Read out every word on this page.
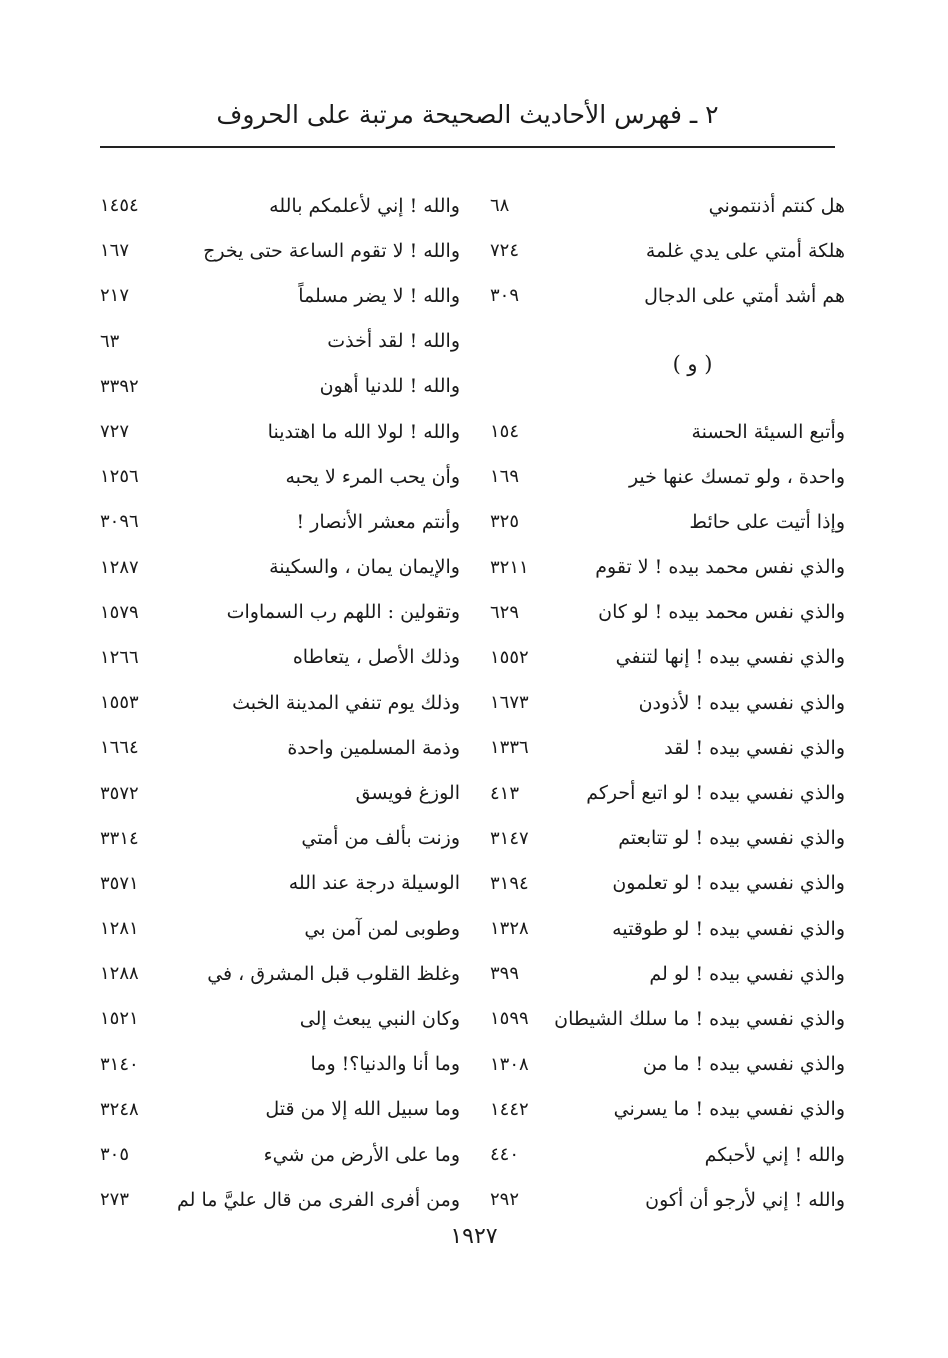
٢ ـ فهرس الأحاديث الصحيحة مرتبة على الحروف
هل كنتم أذنتموني
٦٨
هلكة أمتي على يدي غلمة
٧٢٤
هم أشد أمتي على الدجال
٣٠٩
( و )
وأتبع السيئة الحسنة
١٥٤
واحدة ، ولو تمسك عنها خير
١٦٩
وإذا أتيت على حائط
٣٢٥
والذي نفس محمد بيده ! لا تقوم
٣٢١١
والذي نفس محمد بيده ! لو كان
٦٢٩
والذي نفسي بيده ! إنها لتنفي
١٥٥٢
والذي نفسي بيده ! لأذودن
١٦٧٣
والذي نفسي بيده ! لقد
١٣٣٦
والذي نفسي بيده ! لو اتبع أحركم
٤١٣
والذي نفسي بيده ! لو تتابعتم
٣١٤٧
والذي نفسي بيده ! لو تعلمون
٣١٩٤
والذي نفسي بيده ! لو طوقتيه
١٣٢٨
والذي نفسي بيده ! لو لم
٣٩٩
والذي نفسي بيده ! ما سلك الشيطان
١٥٩٩
والذي نفسي بيده ! ما من
١٣٠٨
والذي نفسي بيده ! ما يسرني
١٤٤٢
والله ! إني لأحبكم
٤٤٠
والله ! إني لأرجو أن أكون
٢٩٢
والله ! إني لأعلمكم بالله
١٤٥٤
والله ! لا تقوم الساعة حتى يخرج
١٦٧
والله ! لا يضر مسلماً
٢١٧
والله ! لقد أخذت
٦٣
والله ! للدنيا أهون
٣٣٩٢
والله ! لولا الله ما اهتدينا
٧٢٧
وأن يحب المرء لا يحبه
١٢٥٦
وأنتم معشر الأنصار !
٣٠٩٦
والإيمان يمان ، والسكينة
١٢٨٧
وتقولين : اللهم رب السماوات
١٥٧٩
وذلك الأصل ، يتعاطاه
١٢٦٦
وذلك يوم تنفي المدينة الخبث
١٥٥٣
وذمة المسلمين واحدة
١٦٦٤
الوزغ فويسق
٣٥٧٢
وزنت بألف من أمتي
٣٣١٤
الوسيلة درجة عند الله
٣٥٧١
وطوبى لمن آمن بي
١٢٨١
وغلظ القلوب قبل المشرق ، في
١٢٨٨
وكان النبي يبعث إلى
١٥٢١
وما أنا والدنيا؟! وما
٣١٤٠
وما سبيل الله إلا من قتل
٣٢٤٨
وما على الأرض من شيء
٣٠٥
ومن أفرى الفرى من قال عليَّ ما لم
٢٧٣
١٩٢٧
